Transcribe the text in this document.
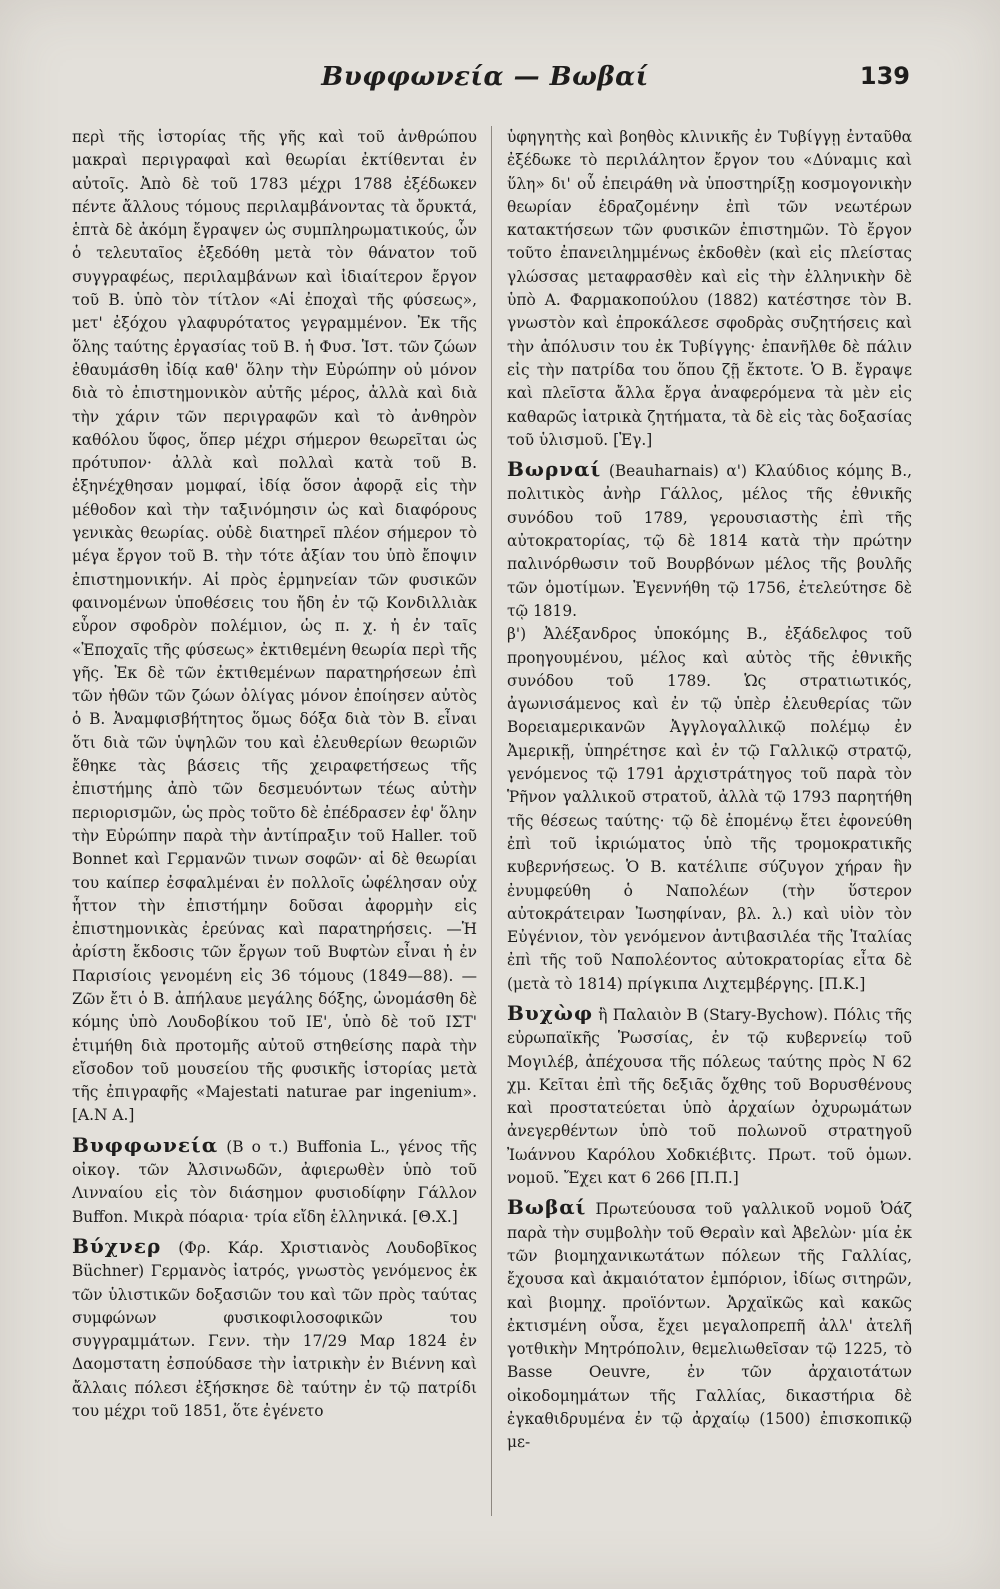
Βυφφωνεία — Βωβαί	139

περὶ τῆς ἱστορίας τῆς γῆς καὶ τοῦ ἀνθρώπου μακραὶ περιγραφαὶ καὶ θεωρίαι ἐκτίθενται ἐν αὐτοῖς. Ἀπὸ δὲ τοῦ 1783 μέχρι 1788 ἐξέδωκεν πέντε ἄλλους τόμους περιλαμβάνοντας τὰ ὄρυκτά, ἑπτὰ δὲ ἀκόμη ἔγραψεν ὡς συμπληρωματικούς, ὧν ὁ τελευταῖος ἐξεδόθη μετὰ τὸν θάνατον τοῦ συγγραφέως, περιλαμβάνων καὶ ἰδιαίτερον ἔργον τοῦ Β. ὑπὸ τὸν τίτλον «Αἱ ἐποχαὶ τῆς φύσεως», μετ' ἐξόχου γλαφυρότατος γεγραμμένον. Ἐκ τῆς ὅλης ταύτης ἐργασίας τοῦ Β. ἡ Φυσ. Ἱστ. τῶν ζώων ἐθαυμάσθη ἰδίᾳ καθ' ὅλην τὴν Εὐρώπην οὐ μόνον διὰ τὸ ἐπιστημονικὸν αὐτῆς μέρος, ἀλλὰ καὶ διὰ τὴν χάριν τῶν περιγραφῶν καὶ τὸ ἀνθηρὸν καθόλου ὕφος, ὅπερ μέχρι σήμερον θεωρεῖται ὡς πρότυπον· ἀλλὰ καὶ πολλαὶ κατὰ τοῦ Β. ἐξηνέχθησαν μομφαί, ἰδίᾳ ὅσον ἀφορᾷ εἰς τὴν μέθοδον καὶ τὴν ταξινόμησιν ὡς καὶ διαφόρους γενικὰς θεωρίας. οὐδὲ διατηρεῖ πλέον σήμερον τὸ μέγα ἔργον τοῦ Β. τὴν τότε ἀξίαν του ὑπὸ ἔποψιν ἐπιστημονικήν. Αἱ πρὸς ἑρμηνείαν τῶν φυσικῶν φαινομένων ὑποθέσεις του ἤδη ἐν τῷ Κονδιλλιὰκ εὗρον σφοδρὸν πολέμιον, ὡς π. χ. ἡ ἐν ταῖς «Ἐποχαῖς τῆς φύσεως» ἐκτιθεμένη θεωρία περὶ τῆς γῆς. Ἐκ δὲ τῶν ἐκτιθεμένων παρατηρήσεων ἐπὶ τῶν ἠθῶν τῶν ζώων ὀλίγας μόνον ἐποίησεν αὐτὸς ὁ Β. Ἀναμφισβήτητος ὅμως δόξα διὰ τὸν Β. εἶναι ὅτι διὰ τῶν ὑψηλῶν του καὶ ἐλευθερίων θεωριῶν ἔθηκε τὰς βάσεις τῆς χειραφετήσεως τῆς ἐπιστήμης ἀπὸ τῶν δεσμευόντων τέως αὐτὴν περιορισμῶν, ὡς πρὸς τοῦτο δὲ ἐπέδρασεν ἐφ' ὅλην τὴν Εὐρώπην παρὰ τὴν ἀντίπραξιν τοῦ Haller. τοῦ Bonnet καὶ Γερμανῶν τινων σοφῶν· αἱ δὲ θεωρίαι του καίπερ ἐσφαλμέναι ἐν πολλοῖς ὠφέλησαν οὐχ ἧττον τὴν ἐπιστήμην δοῦσαι ἀφορμὴν εἰς ἐπιστημονικὰς ἐρεύνας καὶ παρατηρήσεις. —Ἡ ἀρίστη ἔκδοσις τῶν ἔργων τοῦ Βυφτὼν εἶναι ἡ ἐν Παρισίοις γενομένη εἰς 36 τόμους (1849—88). —Ζῶν ἔτι ὁ Β. ἀπήλαυε μεγάλης δόξης, ὠνομάσθη δὲ κόμης ὑπὸ Λουδοβίκου τοῦ ΙΕ', ὑπὸ δὲ τοῦ ΙΣΤ' ἐτιμήθη διὰ προτομῆς αὐτοῦ στηθείσης παρὰ τὴν εἴσοδον τοῦ μουσείου τῆς φυσικῆς ἱστορίας μετὰ τῆς ἐπιγραφῆς «Majestati naturae par ingenium». [A.N A.]

Βυφφωνεία (Β ο τ.) Buffonia L., γένος τῆς οἰκογ. τῶν Ἀλσινωδῶν, ἀφιερωθὲν ὑπὸ τοῦ Λινναίου εἰς τὸν διάσημον φυσιοδίφην Γάλλον Buffon. Μικρὰ πόαρια· τρία εἴδη ἑλληνικά. [Θ.Χ.]

Βύχνερ (Φρ. Κάρ. Χριστιανὸς Λουδοβῖκος Büchner) Γερμανὸς ἰατρός, γνωστὸς γενόμενος ἐκ τῶν ὑλιστικῶν δοξασιῶν του καὶ τῶν πρὸς ταύτας συμφώνων φυσικοφιλοσοφικῶν του συγγραμμάτων. Γενν. τὴν 17/29 Μαρ 1824 ἐν Δαομστατη ἐσπούδασε τὴν ἰατρικὴν ἐν Βιέννη καὶ ἄλλαις πόλεσι ἐξήσκησε δὲ ταύτην ἐν τῷ πατρίδι του μέχρι τοῦ 1851, ὅτε ἐγένετο

ὑφηγητὴς καὶ βοηθὸς κλινικῆς ἐν Τυβίγγῃ ἐνταῦθα ἐξέδωκε τὸ περιλάλητον ἔργον του «Δύναμις καὶ ὕλη» δι' οὗ ἐπειράθη νὰ ὑποστηρίξῃ κοσμογονικὴν θεωρίαν ἐδραζομένην ἐπὶ τῶν νεωτέρων κατακτήσεων τῶν φυσικῶν ἐπιστημῶν. Τὸ ἔργον τοῦτο ἐπανειλημμένως ἐκδοθὲν (καὶ εἰς πλείστας γλώσσας μεταφρασθὲν καὶ εἰς τὴν ἑλληνικὴν δὲ ὑπὸ Α. Φαρμακοπούλου (1882) κατέστησε τὸν Β. γνωστὸν καὶ ἐπροκάλεσε σφοδρὰς συζητήσεις καὶ τὴν ἀπόλυσιν του ἐκ Τυβίγγης· ἐπανῆλθε δὲ πάλιν εἰς τὴν πατρίδα του ὅπου ζῇ ἔκτοτε. Ὁ Β. ἔγραψε καὶ πλεῖστα ἄλλα ἔργα ἀναφερόμενα τὰ μὲν εἰς καθαρῶς ἰατρικὰ ζητήματα, τὰ δὲ εἰς τὰς δοξασίας τοῦ ὑλισμοῦ. [Ἐγ.]

Βωρναί (Beauharnais) α') Κλαύδιος κόμης Β., πολιτικὸς ἀνὴρ Γάλλος, μέλος τῆς ἐθνικῆς συνόδου τοῦ 1789, γερουσιαστὴς ἐπὶ τῆς αὐτοκρατορίας, τῷ δὲ 1814 κατὰ τὴν πρώτην παλινόρθωσιν τοῦ Βουρβόνων μέλος τῆς βουλῆς τῶν ὁμοτίμων. Ἐγεννήθη τῷ 1756, ἐτελεύτησε δὲ τῷ 1819.

β') Ἀλέξανδρος ὑποκόμης Β., ἐξάδελφος τοῦ προηγουμένου, μέλος καὶ αὐτὸς τῆς ἐθνικῆς συνόδου τοῦ 1789. Ὡς στρατιωτικός, ἀγωνισάμενος καὶ ἐν τῷ ὑπὲρ ἐλευθερίας τῶν Βορειαμερικανῶν Ἀγγλογαλλικῷ πολέμῳ ἐν Ἀμερικῇ, ὑπηρέτησε καὶ ἐν τῷ Γαλλικῷ στρατῷ, γενόμενος τῷ 1791 ἀρχιστράτηγος τοῦ παρὰ τὸν Ῥῆνον γαλλικοῦ στρατοῦ, ἀλλὰ τῷ 1793 παρητήθη τῆς θέσεως ταύτης· τῷ δὲ ἑπομένῳ ἔτει ἐφονεύθη ἐπὶ τοῦ ἰκριώματος ὑπὸ τῆς τρομοκρατικῆς κυβερνήσεως. Ὁ Β. κατέλιπε σύζυγον χήραν ἣν ἐνυμφεύθη ὁ Ναπολέων (τὴν ὕστερον αὐτοκράτειραν Ἰωσηφίναν, βλ. λ.) καὶ υἱὸν τὸν Εὐγένιον, τὸν γενόμενον ἀντιβασιλέα τῆς Ἰταλίας ἐπὶ τῆς τοῦ Ναπολέοντος αὐτοκρατορίας εἶτα δὲ (μετὰ τὸ 1814) πρίγκιπα Λιχτεμβέργης. [Π.Κ.]

Βυχὼφ ἢ Παλαιὸν Β (Stary-Bychow). Πόλις τῆς εὐρωπαϊκῆς Ῥωσσίας, ἐν τῷ κυβερνείῳ τοῦ Μογιλέβ, ἀπέχουσα τῆς πόλεως ταύτης πρὸς Ν 62 χμ. Κεῖται ἐπὶ τῆς δεξιᾶς ὄχθης τοῦ Βορυσθένους καὶ προστατεύεται ὑπὸ ἀρχαίων ὀχυρωμάτων ἀνεγερθέντων ὑπὸ τοῦ πολωνοῦ στρατηγοῦ Ἰωάννου Καρόλου Χοδκιέβιτς. Πρωτ. τοῦ ὁμων. νομοῦ. Ἔχει κατ 6 266 [Π.Π.]

Βωβαί Πρωτεύουσα τοῦ γαλλικοῦ νομοῦ Ὀάζ παρὰ τὴν συμβολὴν τοῦ Θεραὶν καὶ Ἀβελὼν· μία ἐκ τῶν βιομηχανικωτάτων πόλεων τῆς Γαλλίας, ἔχουσα καὶ ἀκμαιότατον ἐμπόριον, ἰδίως σιτηρῶν, καὶ βιομηχ. προϊόντων. Ἀρχαϊκῶς καὶ κακῶς ἐκτισμένη οὖσα, ἔχει μεγαλοπρεπῆ ἀλλ' ἀτελῆ γοτθικὴν Μητρόπολιν, θεμελιωθεῖσαν τῷ 1225, τὸ Basse Oeuvre, ἐν τῶν ἀρχαιοτάτων οἰκοδομημάτων τῆς Γαλλίας, δικαστήρια δὲ ἐγκαθιδρυμένα ἐν τῷ ἀρχαίῳ (1500) ἐπισκοπικῷ με-
